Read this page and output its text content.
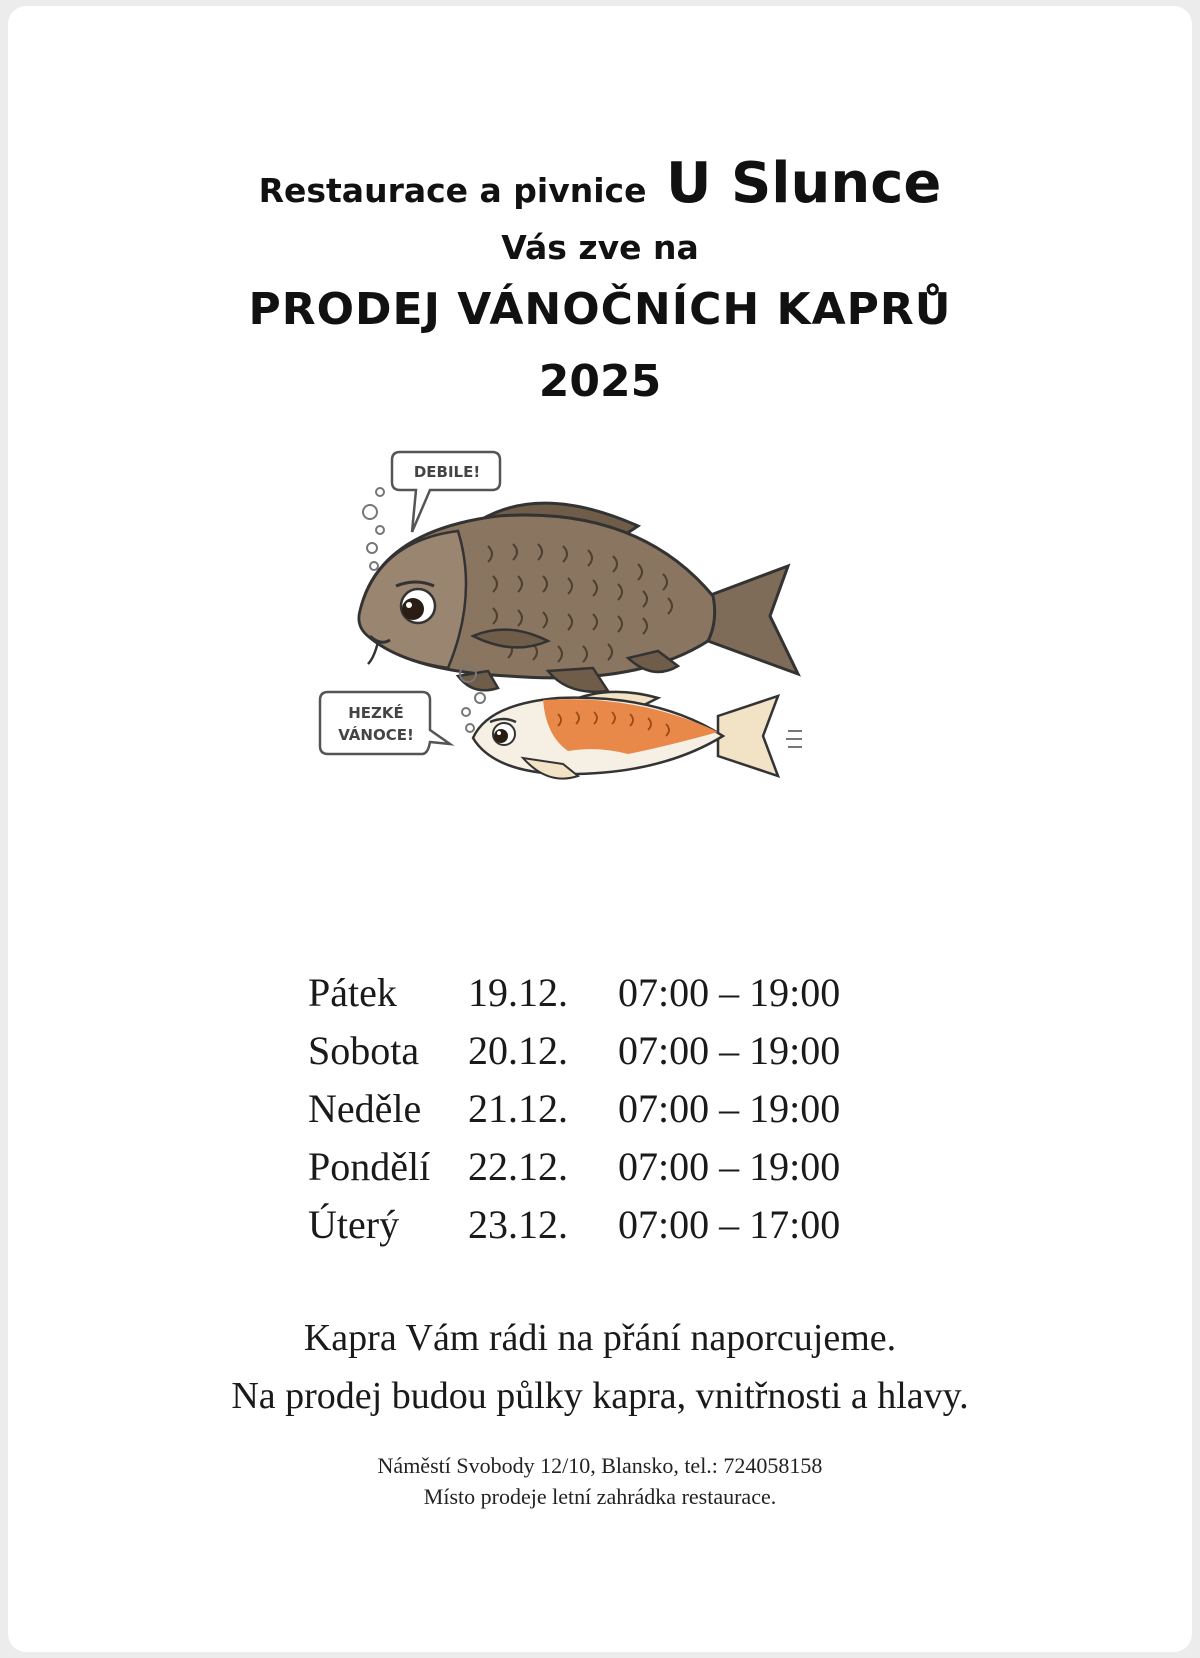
Restaurace a pivnice U Slunce
Vás zve na
PRODEJ VÁNOČNÍCH KAPRŮ
2025
DEBILE!
HEZKÉ
VÁNOCE!
Pátek	19.12.	07:00 – 19:00
Sobota	20.12.	07:00 – 19:00
Neděle	21.12.	07:00 – 19:00
Pondělí 22.12.	07:00 – 19:00
Úterý	23.12.	07:00 – 17:00
Kapra Vám rádi na přání naporcujeme.
Na prodej budou půlky kapra, vnitřnosti a hlavy.
Náměstí Svobody 12/10, Blansko, tel.: 724058158
Místo prodeje letní zahrádka restaurace.
